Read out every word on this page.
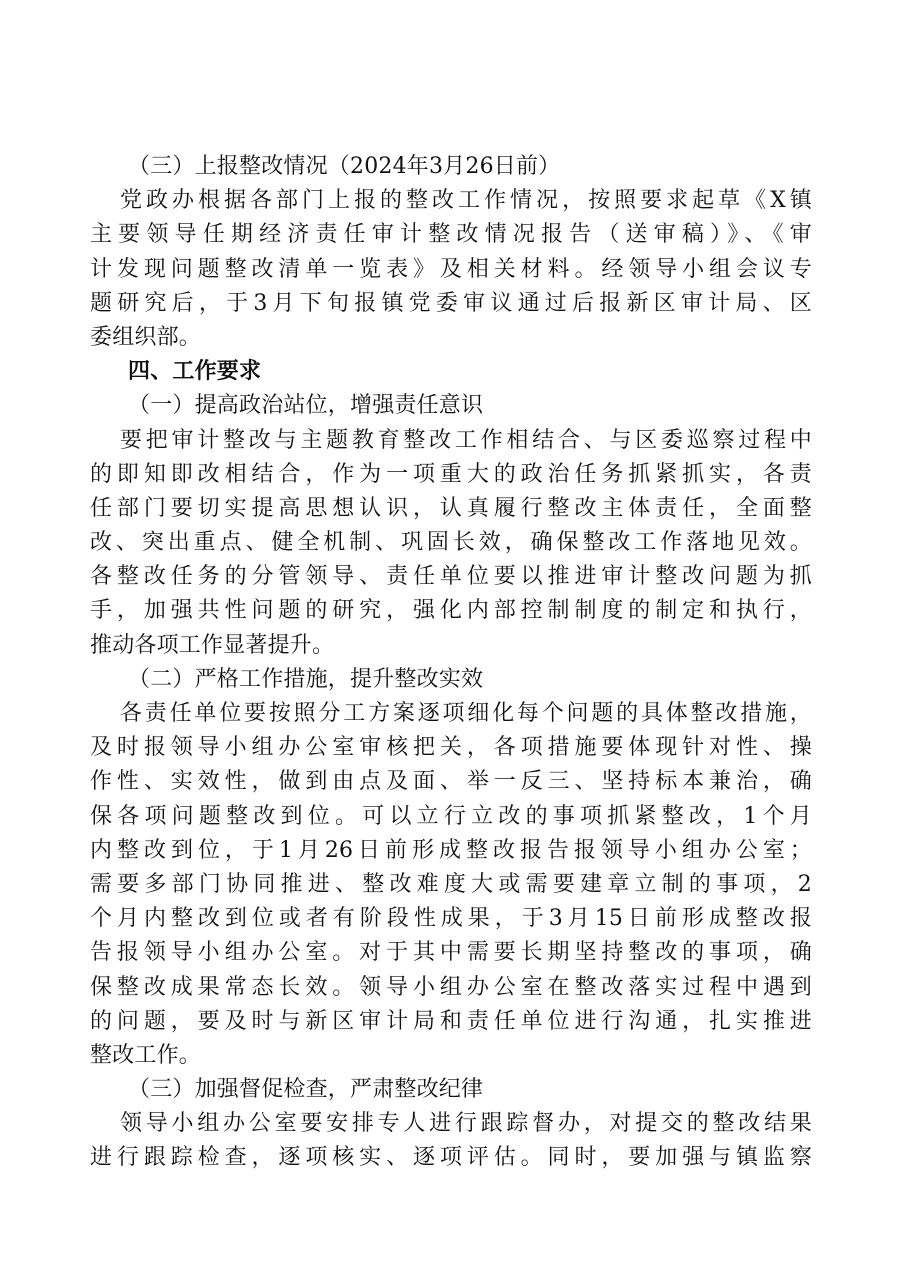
（三）上报整改情况（2024年3月26日前）
党政办根据各部门上报的整改工作情况，按照要求起草《X镇
主要领导任期经济责任审计整改情况报告（送审稿）》、《审
计发现问题整改清单一览表》及相关材料。经领导小组会议专
题研究后，于3月下旬报镇党委审议通过后报新区审计局、区
委组织部。
四、工作要求
（一）提高政治站位，增强责任意识
要把审计整改与主题教育整改工作相结合、与区委巡察过程中
的即知即改相结合，作为一项重大的政治任务抓紧抓实，各责
任部门要切实提高思想认识，认真履行整改主体责任，全面整
改、突出重点、健全机制、巩固长效，确保整改工作落地见效。
各整改任务的分管领导、责任单位要以推进审计整改问题为抓
手，加强共性问题的研究，强化内部控制制度的制定和执行，
推动各项工作显著提升。
（二）严格工作措施，提升整改实效
各责任单位要按照分工方案逐项细化每个问题的具体整改措施，
及时报领导小组办公室审核把关，各项措施要体现针对性、操
作性、实效性，做到由点及面、举一反三、坚持标本兼治，确
保各项问题整改到位。可以立行立改的事项抓紧整改，1个月
内整改到位，于1月26日前形成整改报告报领导小组办公室；
需要多部门协同推进、整改难度大或需要建章立制的事项，2
个月内整改到位或者有阶段性成果，于3月15日前形成整改报
告报领导小组办公室。对于其中需要长期坚持整改的事项，确
保整改成果常态长效。领导小组办公室在整改落实过程中遇到
的问题，要及时与新区审计局和责任单位进行沟通，扎实推进
整改工作。
（三）加强督促检查，严肃整改纪律
领导小组办公室要安排专人进行跟踪督办，对提交的整改结果
进行跟踪检查，逐项核实、逐项评估。同时，要加强与镇监察
